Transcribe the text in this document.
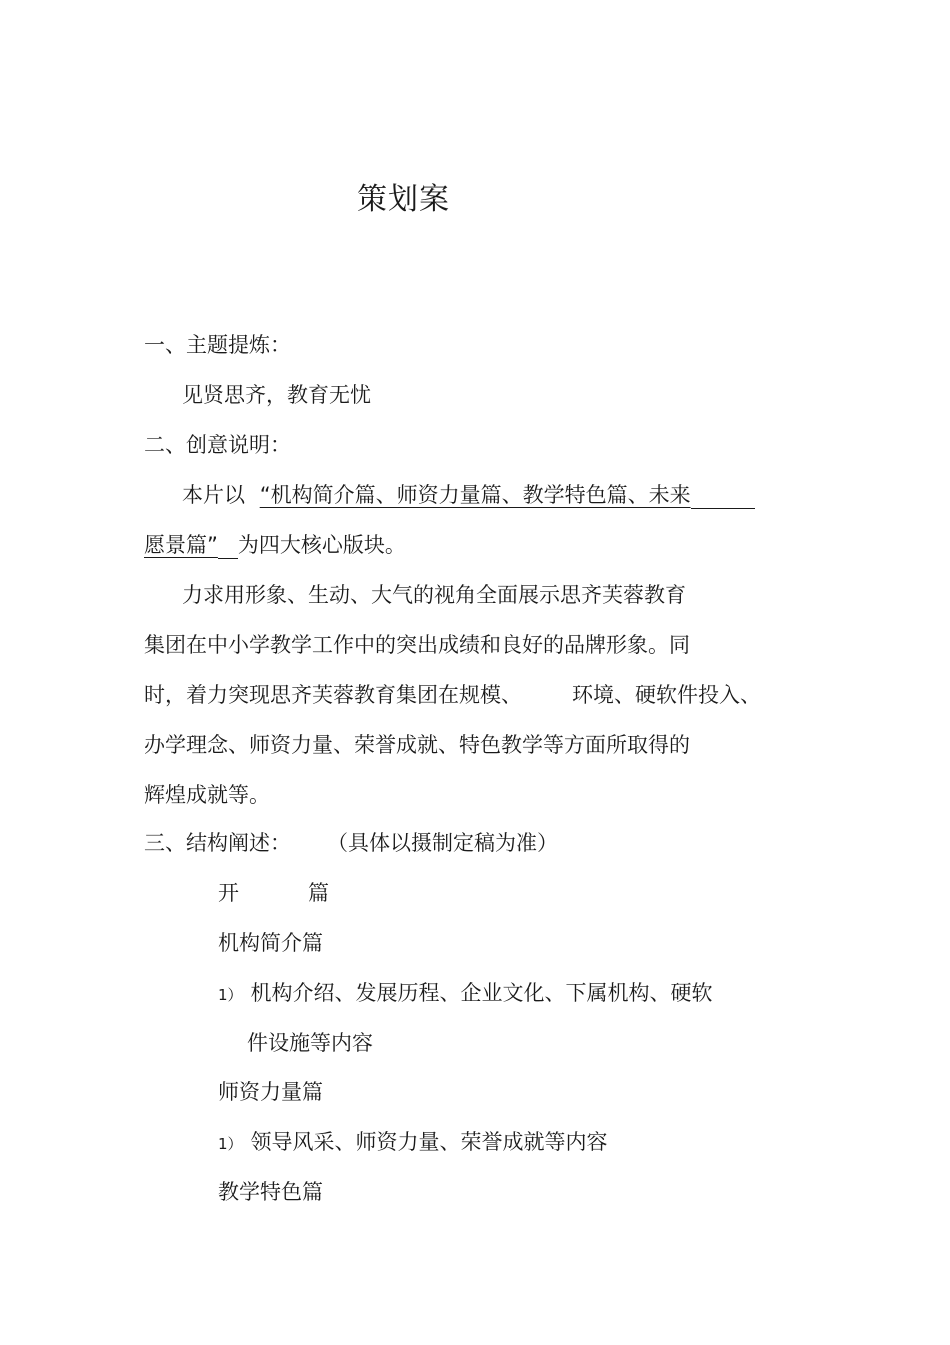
策划案
一、主题提炼：
见贤思齐，教育无忧
二、创意说明：
本片以 “机构简介篇、师资力量篇、教学特色篇、未来
愿景篇” 为四大核心版块。
力求用形象、生动、大气的视角全面展示思齐芙蓉教育
集团在中小学教学工作中的突出成绩和良好的品牌形象。同
时，着力突现思齐芙蓉教育集团在规模、 环境、硬软件投入、
办学理念、师资力量、荣誉成就、特色教学等方面所取得的
辉煌成就等。
三、结构阐述： （具体以摄制定稿为准）
开	篇
机构简介篇
1） 机构介绍、发展历程、企业文化、下属机构、硬软
件设施等内容
师资力量篇
1） 领导风采、师资力量、荣誉成就等内容
教学特色篇
